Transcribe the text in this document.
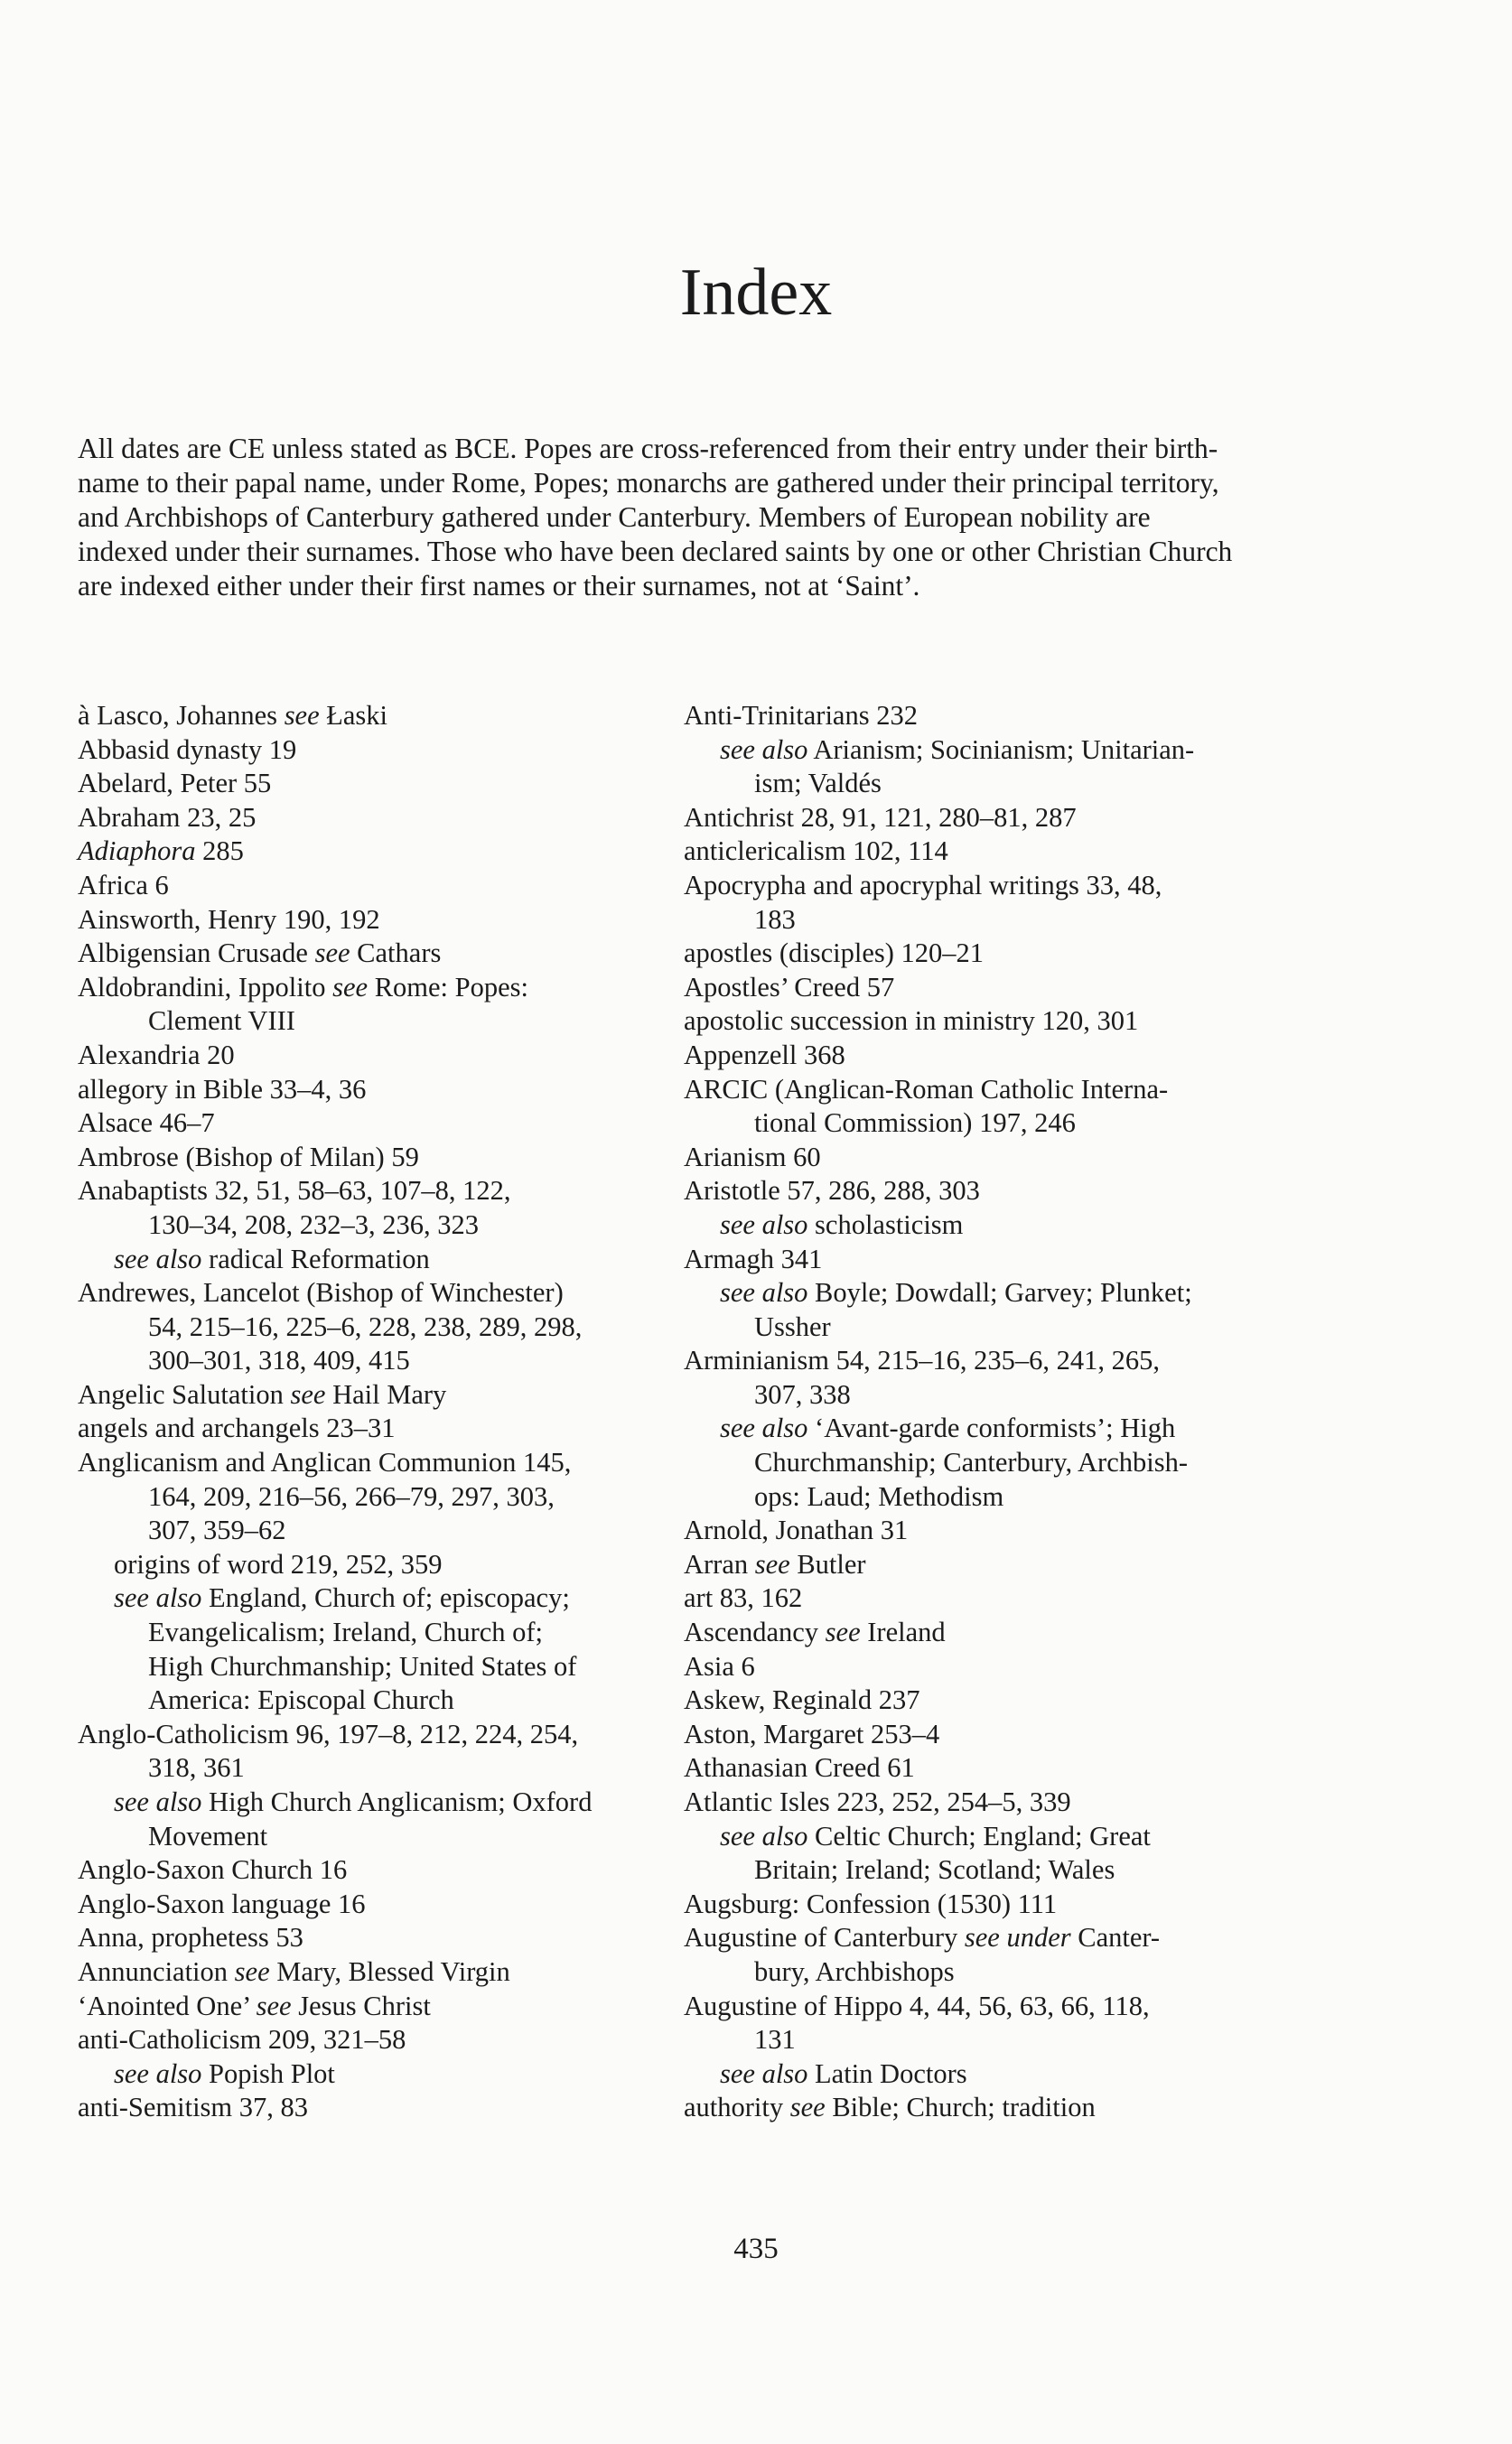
Index

All dates are CE unless stated as BCE. Popes are cross-referenced from their entry under their birth-name to their papal name, under Rome, Popes; monarchs are gathered under their principal territory, and Archbishops of Canterbury gathered under Canterbury. Members of European nobility are indexed under their surnames. Those who have been declared saints by one or other Christian Church are indexed either under their first names or their surnames, not at ‘Saint’.

à Lasco, Johannes see Łaski

Abbasid dynasty 19

Abelard, Peter 55

Abraham 23, 25

Adiaphora 285

Africa 6

Ainsworth, Henry 190, 192

Albigensian Crusade see Cathars

Aldobrandini, Ippolito see Rome: Popes:
Clement VIII

Alexandria 20

allegory in Bible 33–4, 36

Alsace 46–7

Ambrose (Bishop of Milan) 59

Anabaptists 32, 51, 58–63, 107–8, 122,
130–34, 208, 232–3, 236, 323

see also radical Reformation

Andrewes, Lancelot (Bishop of Winchester)
54, 215–16, 225–6, 228, 238, 289, 298,
300–301, 318, 409, 415

Angelic Salutation see Hail Mary

angels and archangels 23–31

Anglicanism and Anglican Communion 145,
164, 209, 216–56, 266–79, 297, 303,
307, 359–62

origins of word 219, 252, 359

see also England, Church of; episcopacy;
Evangelicalism; Ireland, Church of;
High Churchmanship; United States of
America: Episcopal Church

Anglo-Catholicism 96, 197–8, 212, 224, 254,
318, 361

see also High Church Anglicanism; Oxford
Movement

Anglo-Saxon Church 16

Anglo-Saxon language 16

Anna, prophetess 53

Annunciation see Mary, Blessed Virgin

‘Anointed One’ see Jesus Christ

anti-Catholicism 209, 321–58

see also Popish Plot

anti-Semitism 37, 83

Anti-Trinitarians 232

see also Arianism; Socinianism; Unitarian-
ism; Valdés

Antichrist 28, 91, 121, 280–81, 287

anticlericalism 102, 114

Apocrypha and apocryphal writings 33, 48,
183

apostles (disciples) 120–21

Apostles’ Creed 57

apostolic succession in ministry 120, 301

Appenzell 368

ARCIC (Anglican-Roman Catholic Interna-
tional Commission) 197, 246

Arianism 60

Aristotle 57, 286, 288, 303

see also scholasticism

Armagh 341

see also Boyle; Dowdall; Garvey; Plunket;
Ussher

Arminianism 54, 215–16, 235–6, 241, 265,
307, 338

see also ‘Avant-garde conformists’; High
Churchmanship; Canterbury, Archbish-
ops: Laud; Methodism

Arnold, Jonathan 31

Arran see Butler

art 83, 162

Ascendancy see Ireland

Asia 6

Askew, Reginald 237

Aston, Margaret 253–4

Athanasian Creed 61

Atlantic Isles 223, 252, 254–5, 339

see also Celtic Church; England; Great
Britain; Ireland; Scotland; Wales

Augsburg: Confession (1530) 111

Augustine of Canterbury see under Canter-
bury, Archbishops

Augustine of Hippo 4, 44, 56, 63, 66, 118,
131

see also Latin Doctors

authority see Bible; Church; tradition

435
